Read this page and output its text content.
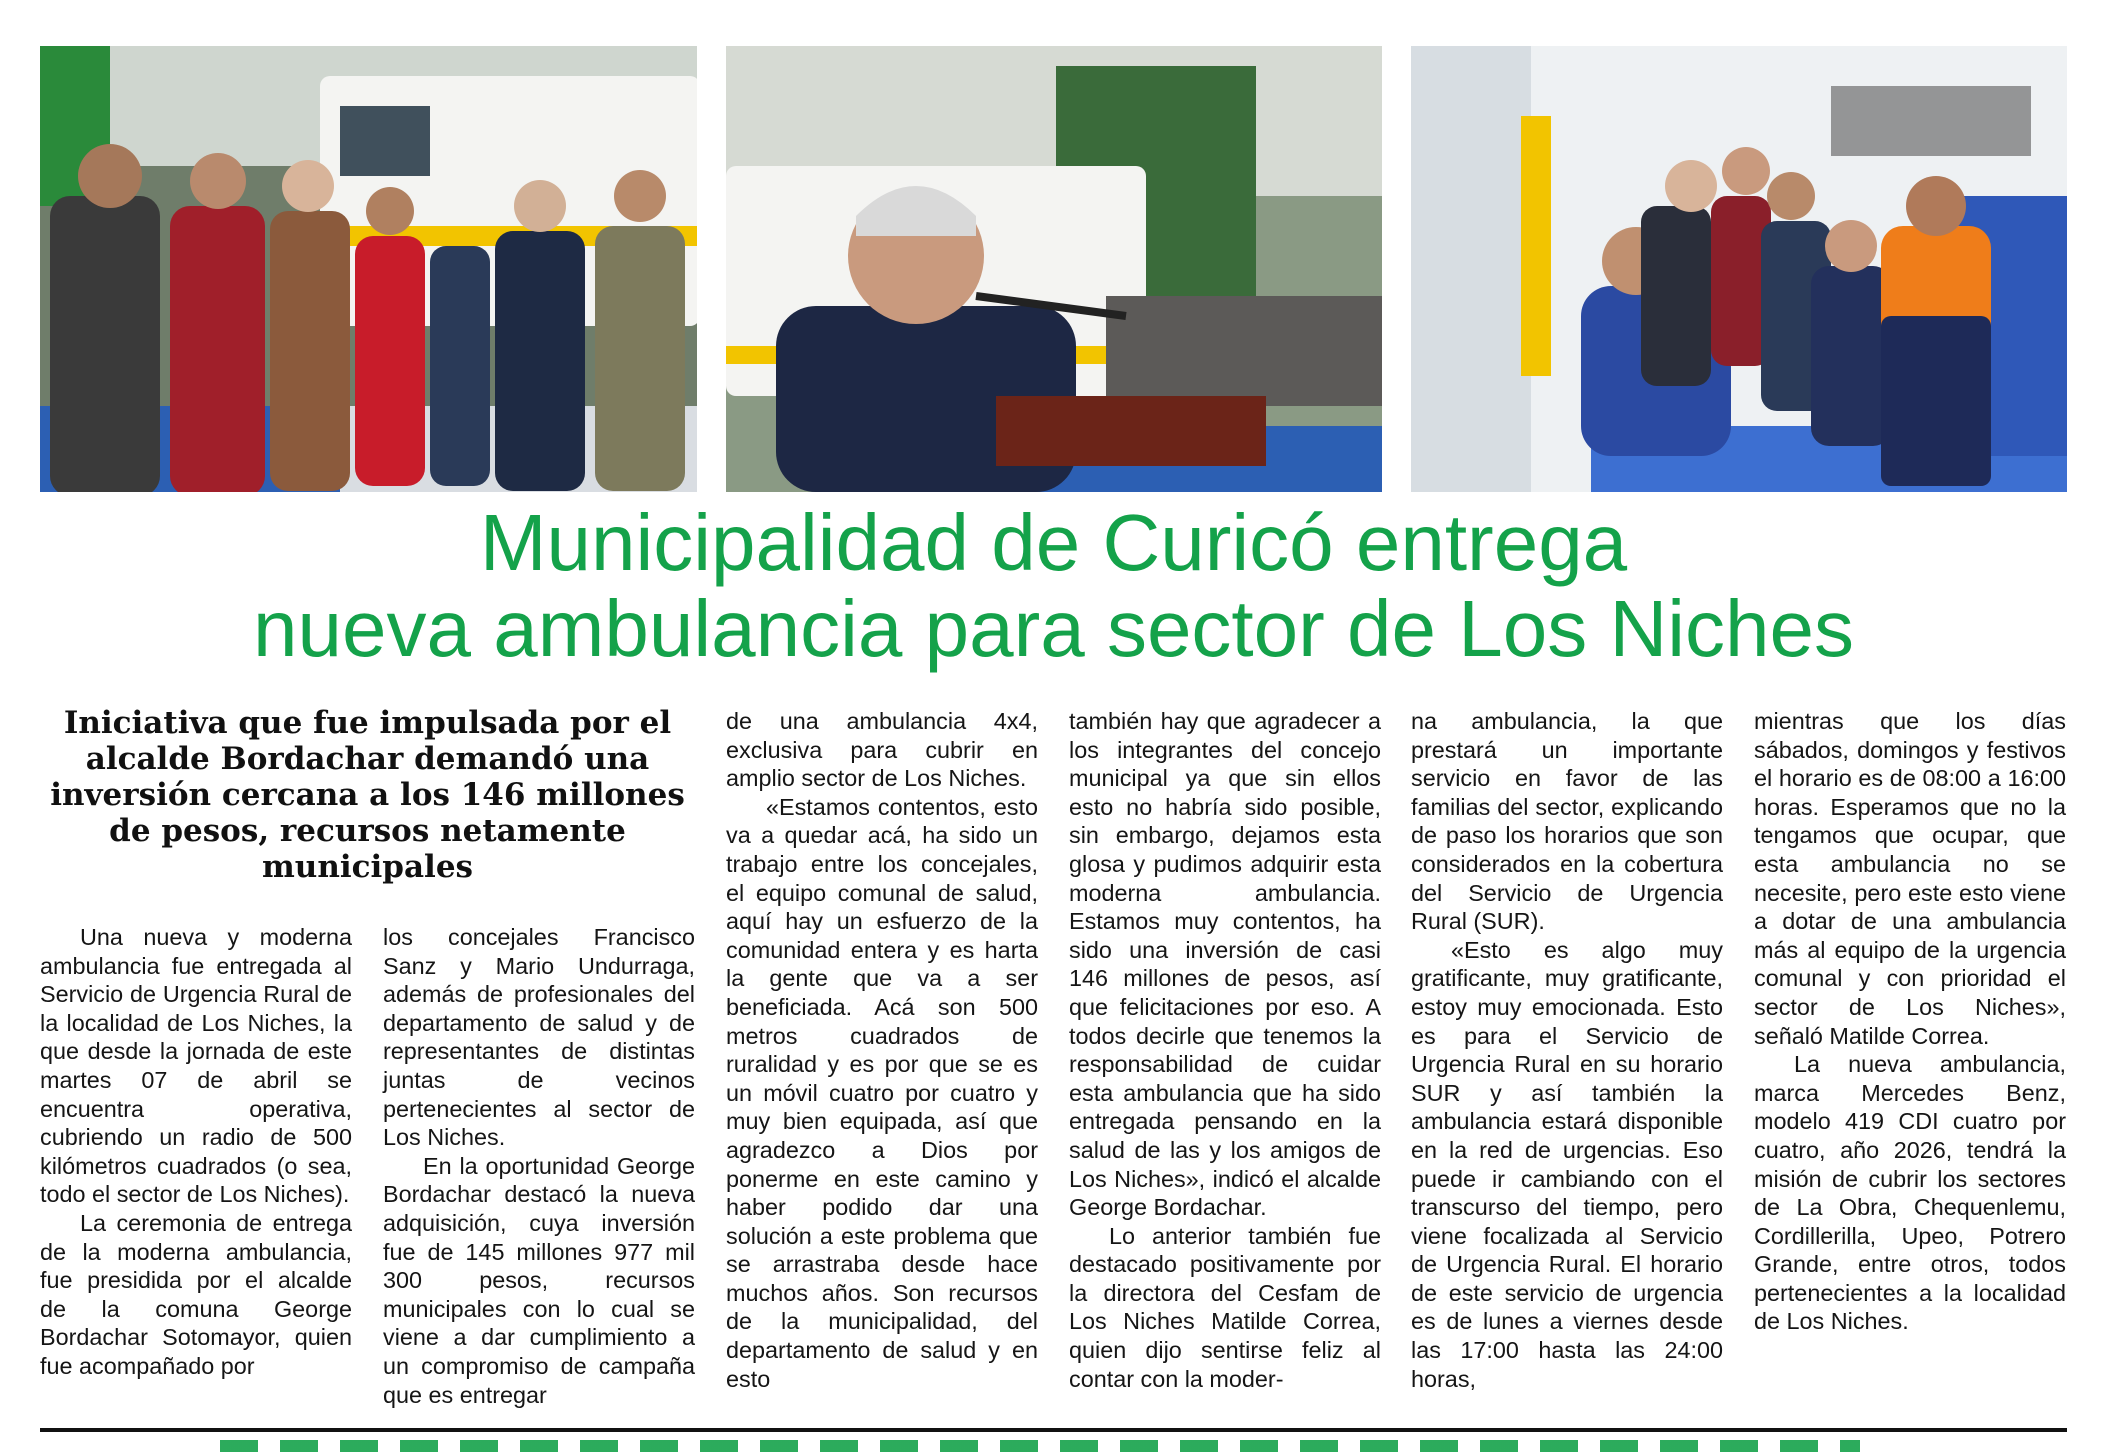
Municipalidad de Curicó entrega
nueva ambulancia para sector de Los Niches
Iniciativa que fue impulsada por el alcalde Bordachar demandó una inversión cercana a los 146 millones de pesos, recursos netamente municipales

Una nueva y moderna ambulancia fue entregada al Servicio de Urgencia Rural de la localidad de Los Niches, la que desde la jornada de este martes 07 de abril se encuentra operativa, cubriendo un radio de 500 kilómetros cuadrados (o sea, todo el sector de Los Niches).

La ceremonia de entrega de la moderna ambulancia, fue presidida por el alcalde de la comuna George Bordachar Sotomayor, quien fue acompañado por

los concejales Francisco Sanz y Mario Undurraga, además de profesionales del departamento de salud y de representantes de distintas juntas de vecinos pertenecientes al sector de Los Niches.

En la oportunidad George Bordachar destacó la nueva adquisición, cuya inversión fue de 145 millones 977 mil 300 pesos, recursos municipales con lo cual se viene a dar cumplimiento a un compromiso de campaña que es entregar

de una ambulancia 4x4, exclusiva para cubrir en amplio sector de Los Niches.

«Estamos contentos, esto va a quedar acá, ha sido un trabajo entre los concejales, el equipo comunal de salud, aquí hay un esfuerzo de la comunidad entera y es harta la gente que va a ser beneficiada. Acá son 500 metros cuadrados de ruralidad y es por que se es un móvil cuatro por cuatro y muy bien equipada, así que agradezco a Dios por ponerme en este camino y haber podido dar una solución a este problema que se arrastraba desde hace muchos años. Son recursos de la municipalidad, del departamento de salud y en esto

también hay que agradecer a los integrantes del concejo municipal ya que sin ellos esto no habría sido posible, sin embargo, dejamos esta glosa y pudimos adquirir esta moderna ambulancia. Estamos muy contentos, ha sido una inversión de casi 146 millones de pesos, así que felicitaciones por eso. A todos decirle que tenemos la responsabilidad de cuidar esta ambulancia que ha sido entregada pensando en la salud de las y los amigos de Los Niches», indicó el alcalde George Bordachar.

Lo anterior también fue destacado positivamente por la directora del Cesfam de Los Niches Matilde Correa, quien dijo sentirse feliz al contar con la moder-

na ambulancia, la que prestará un importante servicio en favor de las familias del sector, explicando de paso los horarios que son considerados en la cobertura del Servicio de Urgencia Rural (SUR).

«Esto es algo muy gratificante, muy gratificante, estoy muy emocionada. Esto es para el Servicio de Urgencia Rural en su horario SUR y así también la ambulancia estará disponible en la red de urgencias. Eso puede ir cambiando con el transcurso del tiempo, pero viene focalizada al Servicio de Urgencia Rural. El horario de este servicio de urgencia es de lunes a viernes desde las 17:00 hasta las 24:00 horas,

mientras que los días sábados, domingos y festivos el horario es de 08:00 a 16:00 horas. Esperamos que no la tengamos que ocupar, que esta ambulancia no se necesite, pero este esto viene a dotar de una ambulancia más al equipo de la urgencia comunal y con prioridad el sector de Los Niches», señaló Matilde Correa.

La nueva ambulancia, marca Mercedes Benz, modelo 419 CDI cuatro por cuatro, año 2026, tendrá la misión de cubrir los sectores de La Obra, Chequenlemu, Cordillerilla, Upeo, Potrero Grande, entre otros, todos pertenecientes a la localidad de Los Niches.
